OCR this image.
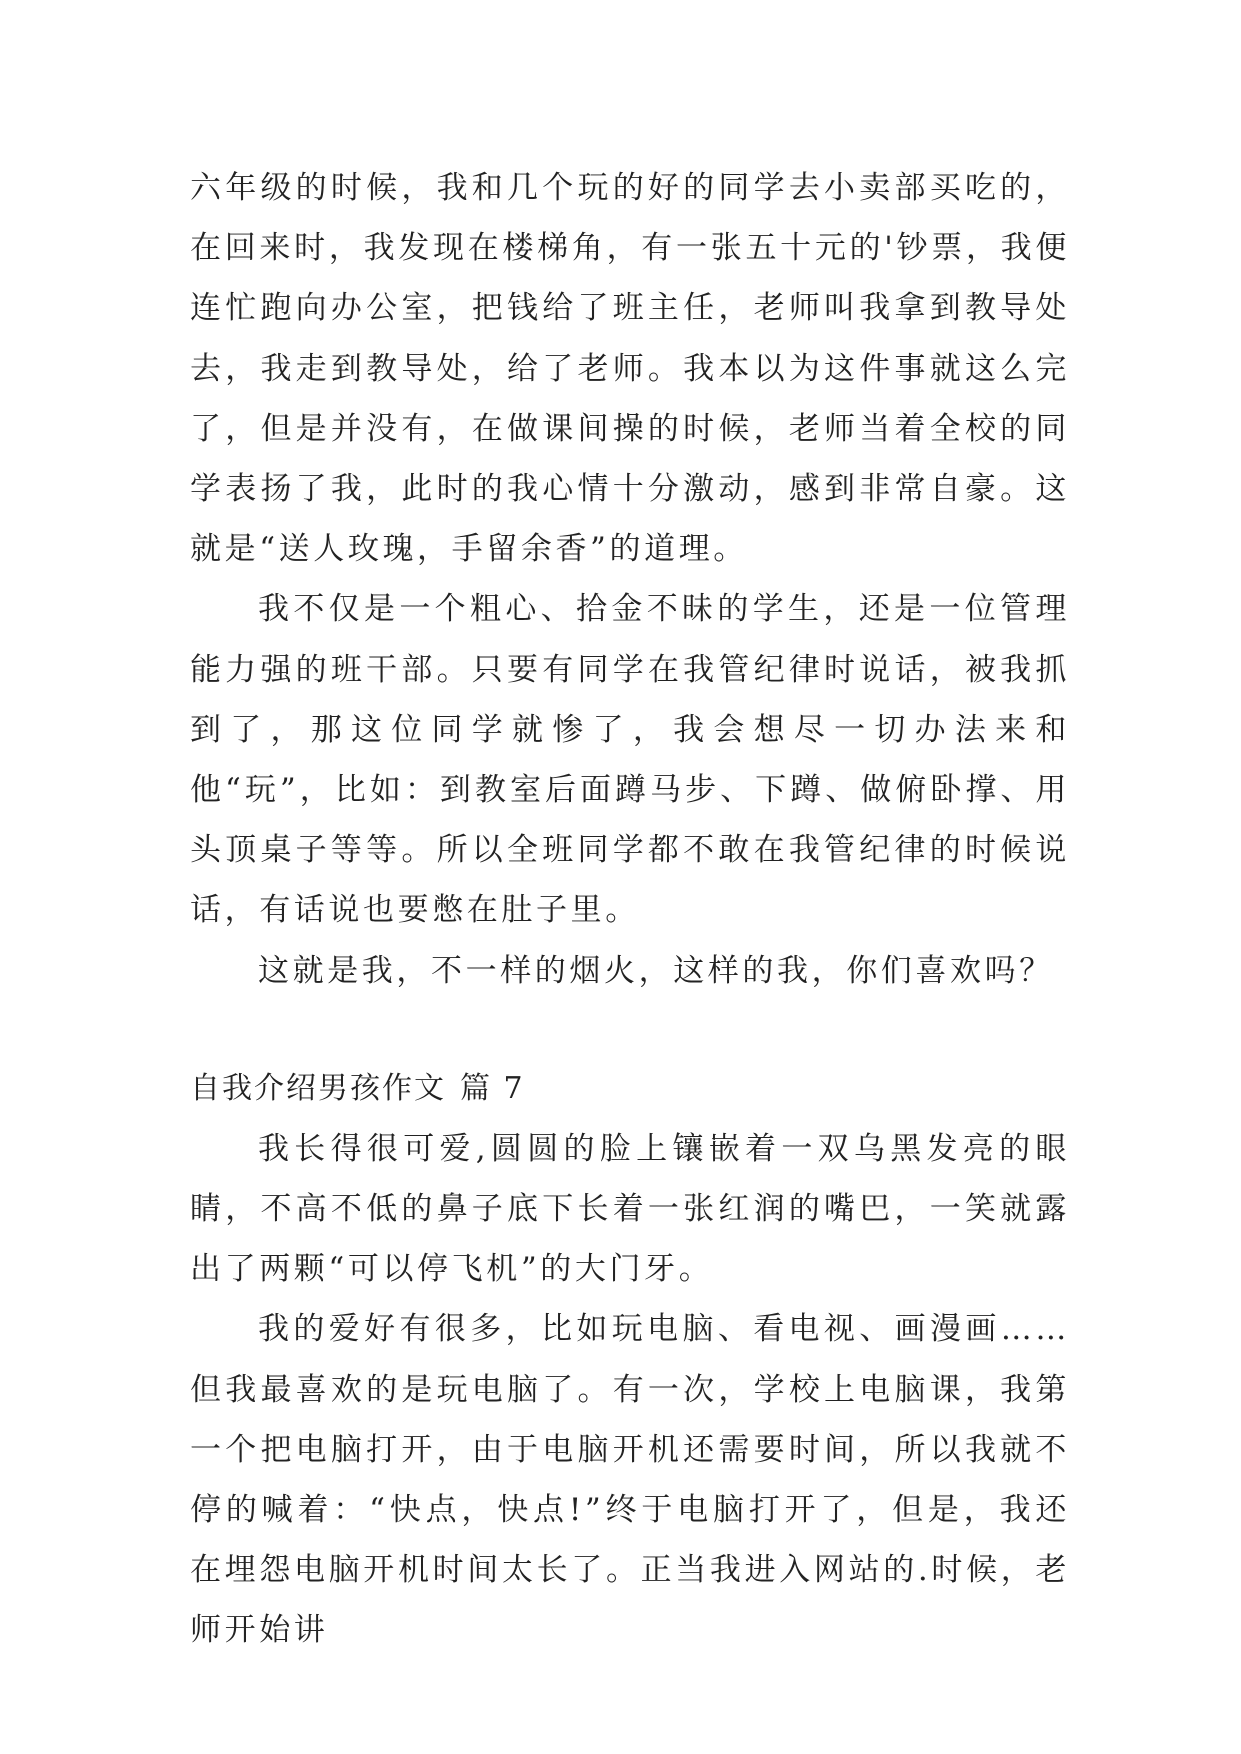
六年级的时候，我和几个玩的好的同学去小卖部买吃的，在回来时，我发现在楼梯角，有一张五十元的'钞票，我便连忙跑向办公室，把钱给了班主任，老师叫我拿到教导处去，我走到教导处，给了老师。我本以为这件事就这么完了，但是并没有，在做课间操的时候，老师当着全校的同学表扬了我，此时的我心情十分激动，感到非常自豪。这就是“送人玫瑰，手留余香”的道理。

我不仅是一个粗心、拾金不昧的学生，还是一位管理能力强的班干部。只要有同学在我管纪律时说话，被我抓到了，那这位同学就惨了，我会想尽一切办法来和他“玩”，比如：到教室后面蹲马步、下蹲、做俯卧撑、用头顶桌子等等。所以全班同学都不敢在我管纪律的时候说话，有话说也要憋在肚子里。

这就是我，不一样的烟火，这样的我，你们喜欢吗？

自我介绍男孩作文 篇 7

我长得很可爱,圆圆的脸上镶嵌着一双乌黑发亮的眼睛，不高不低的鼻子底下长着一张红润的嘴巴，一笑就露出了两颗“可以停飞机”的大门牙。

我的爱好有很多，比如玩电脑、看电视、画漫画……但我最喜欢的是玩电脑了。有一次，学校上电脑课，我第一个把电脑打开，由于电脑开机还需要时间，所以我就不停的喊着：“快点，快点!”终于电脑打开了，但是，我还在埋怨电脑开机时间太长了。正当我进入网站的.时候，老师开始讲
